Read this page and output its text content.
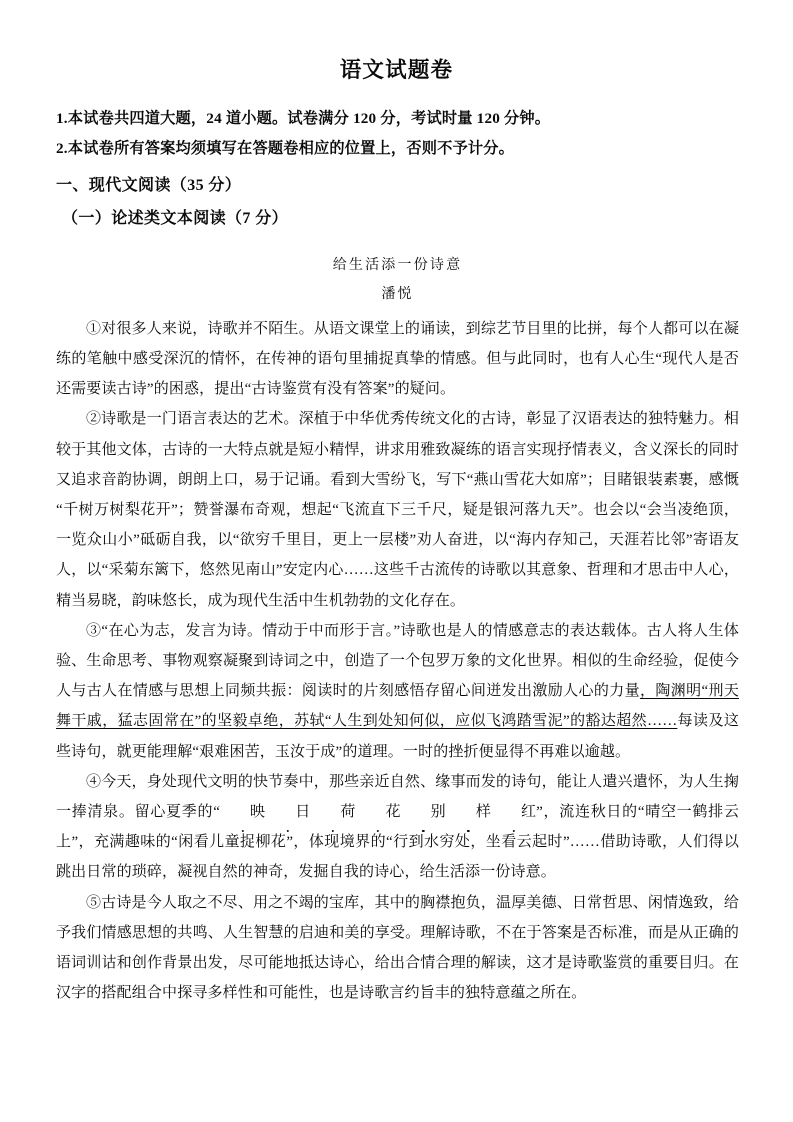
语文试题卷
1.本试卷共四道大题，24 道小题。试卷满分 120 分，考试时量 120 分钟。
2.本试卷所有答案均须填写在答题卷相应的位置上，否则不予计分。
一、现代文阅读（35 分）
（一）论述类文本阅读（7 分）
给生活添一份诗意
潘悦

①对很多人来说，诗歌并不陌生。从语文课堂上的诵读，到综艺节目里的比拼，每个人都可以在凝练的笔触中感受深沉的情怀，在传神的语句里捕捉真挚的情感。但与此同时，也有人心生“现代人是否还需要读古诗”的困惑，提出“古诗鉴赏有没有答案”的疑问。

②诗歌是一门语言表达的艺术。深植于中华优秀传统文化的古诗，彰显了汉语表达的独特魅力。相较于其他文体，古诗的一大特点就是短小精悍，讲求用雅致凝练的语言实现抒情表义，含义深长的同时又追求音韵协调，朗朗上口，易于记诵。看到大雪纷飞，写下“燕山雪花大如席”；目睹银装素裹，感慨“千树万树梨花开”；赞誉瀑布奇观，想起“飞流直下三千尺，疑是银河落九天”。也会以“会当凌绝顶，一览众山小”砥砺自我，以“欲穷千里目，更上一层楼”劝人奋进，以“海内存知己，天涯若比邻”寄语友人，以“采菊东篱下，悠然见南山”安定内心……这些千古流传的诗歌以其意象、哲理和才思击中人心，精当易晓，韵味悠长，成为现代生活中生机勃勃的文化存在。

③“在心为志，发言为诗。情动于中而形于言。”诗歌也是人的情感意志的表达载体。古人将人生体验、生命思考、事物观察凝聚到诗词之中，创造了一个包罗万象的文化世界。相似的生命经验，促使今人与古人在情感与思想上同频共振：阅读时的片刻感悟存留心间迸发出激励人心的力量，陶渊明“刑天舞干戚，猛志固常在”的坚毅卓绝，苏轼“人生到处知何似，应似飞鸿踏雪泥”的豁达超然……每读及这些诗句，就更能理解“艰难困苦，玉汝于成”的道理。一时的挫折便显得不再难以逾越。

④今天，身处现代文明的快节奏中，那些亲近自然、缘事而发的诗句，能让人遣兴遣怀，为人生掬一捧清泉。留心夏季的“ 映 日 荷 花 别 样 红”，流连秋日的“晴空一鹤排云上”，充满趣味的“闲看儿童捉柳花”，体现境界的“行到水穷处，坐看云起时”……借助诗歌，人们得以跳出日常的琐碎，凝视自然的神奇，发掘自我的诗心，给生活添一份诗意。

⑤古诗是今人取之不尽、用之不竭的宝库，其中的胸襟抱负，温厚美德、日常哲思、闲情逸致，给予我们情感思想的共鸣、人生智慧的启迪和美的享受。理解诗歌，不在于答案是否标准，而是从正确的语词训诂和创作背景出发，尽可能地抵达诗心，给出合情合理的解读，这才是诗歌鉴赏的重要目归。在汉字的搭配组合中探寻多样性和可能性，也是诗歌言约旨丰的独特意蕴之所在。
